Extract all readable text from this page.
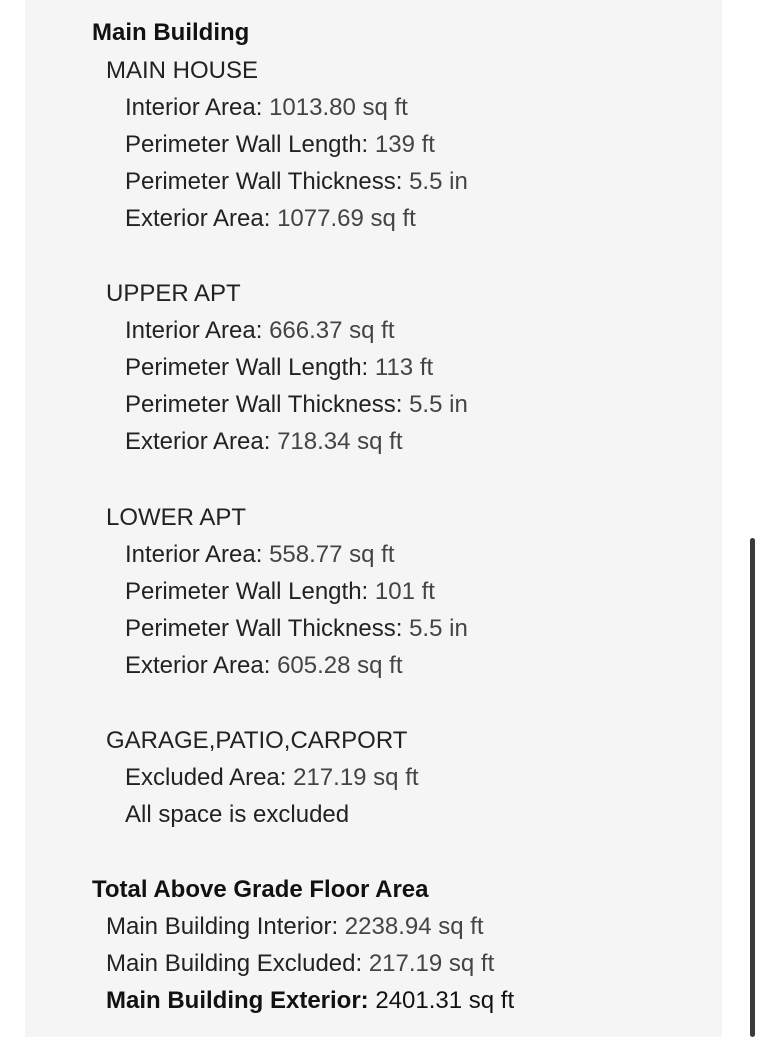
Main Building
MAIN HOUSE
Interior Area: 1013.80 sq ft
Perimeter Wall Length: 139 ft
Perimeter Wall Thickness: 5.5 in
Exterior Area: 1077.69 sq ft
UPPER APT
Interior Area: 666.37 sq ft
Perimeter Wall Length: 113 ft
Perimeter Wall Thickness: 5.5 in
Exterior Area: 718.34 sq ft
LOWER APT
Interior Area: 558.77 sq ft
Perimeter Wall Length: 101 ft
Perimeter Wall Thickness: 5.5 in
Exterior Area: 605.28 sq ft
GARAGE,PATIO,CARPORT
Excluded Area: 217.19 sq ft
All space is excluded
Total Above Grade Floor Area
Main Building Interior: 2238.94 sq ft
Main Building Excluded: 217.19 sq ft
Main Building Exterior: 2401.31 sq ft
